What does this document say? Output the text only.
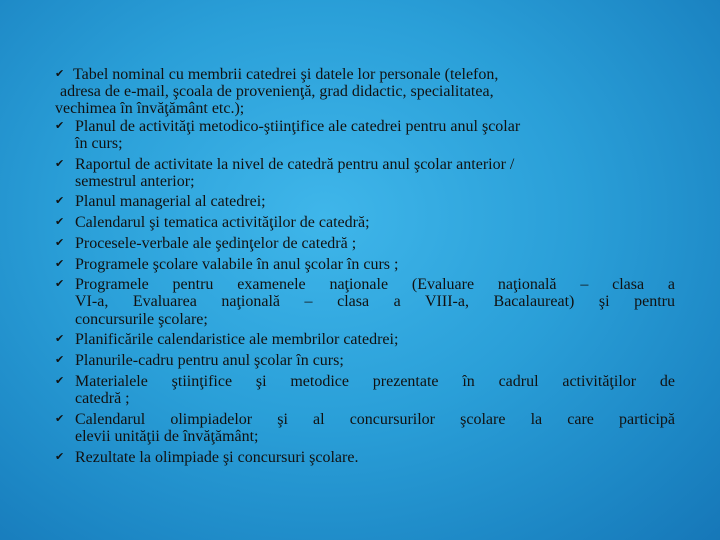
✔ Tabel nominal cu membrii catedrei şi datele lor personale (telefon,
adresa de e-mail, şcoala de provenienţă, grad didactic, specialitatea,
vechimea în învăţământ etc.);
✔ Planul de activităţi metodico-ştiinţifice ale catedrei pentru anul şcolar
în curs;
✔ Raportul de activitate la nivel de catedră pentru anul şcolar anterior /
semestrul anterior;
✔ Planul managerial al catedrei;
✔ Calendarul şi tematica activităţilor de catedră;
✔ Procesele-verbale ale şedinţelor de catedră ;
✔ Programele şcolare valabile în anul şcolar în curs ;
✔ Programele pentru examenele naţionale (Evaluare naţională – clasa a
VI-a, Evaluarea naţională – clasa a VIII-a, Bacalaureat) şi pentru
concursurile şcolare;
✔ Planificările calendaristice ale membrilor catedrei;
✔ Planurile-cadru pentru anul şcolar în curs;
✔ Materialele ştiinţifice şi metodice prezentate în cadrul activităţilor de
catedră ;
✔ Calendarul olimpiadelor şi al concursurilor şcolare la care participă
elevii unităţii de învăţământ;
✔ Rezultate la olimpiade şi concursuri şcolare.
